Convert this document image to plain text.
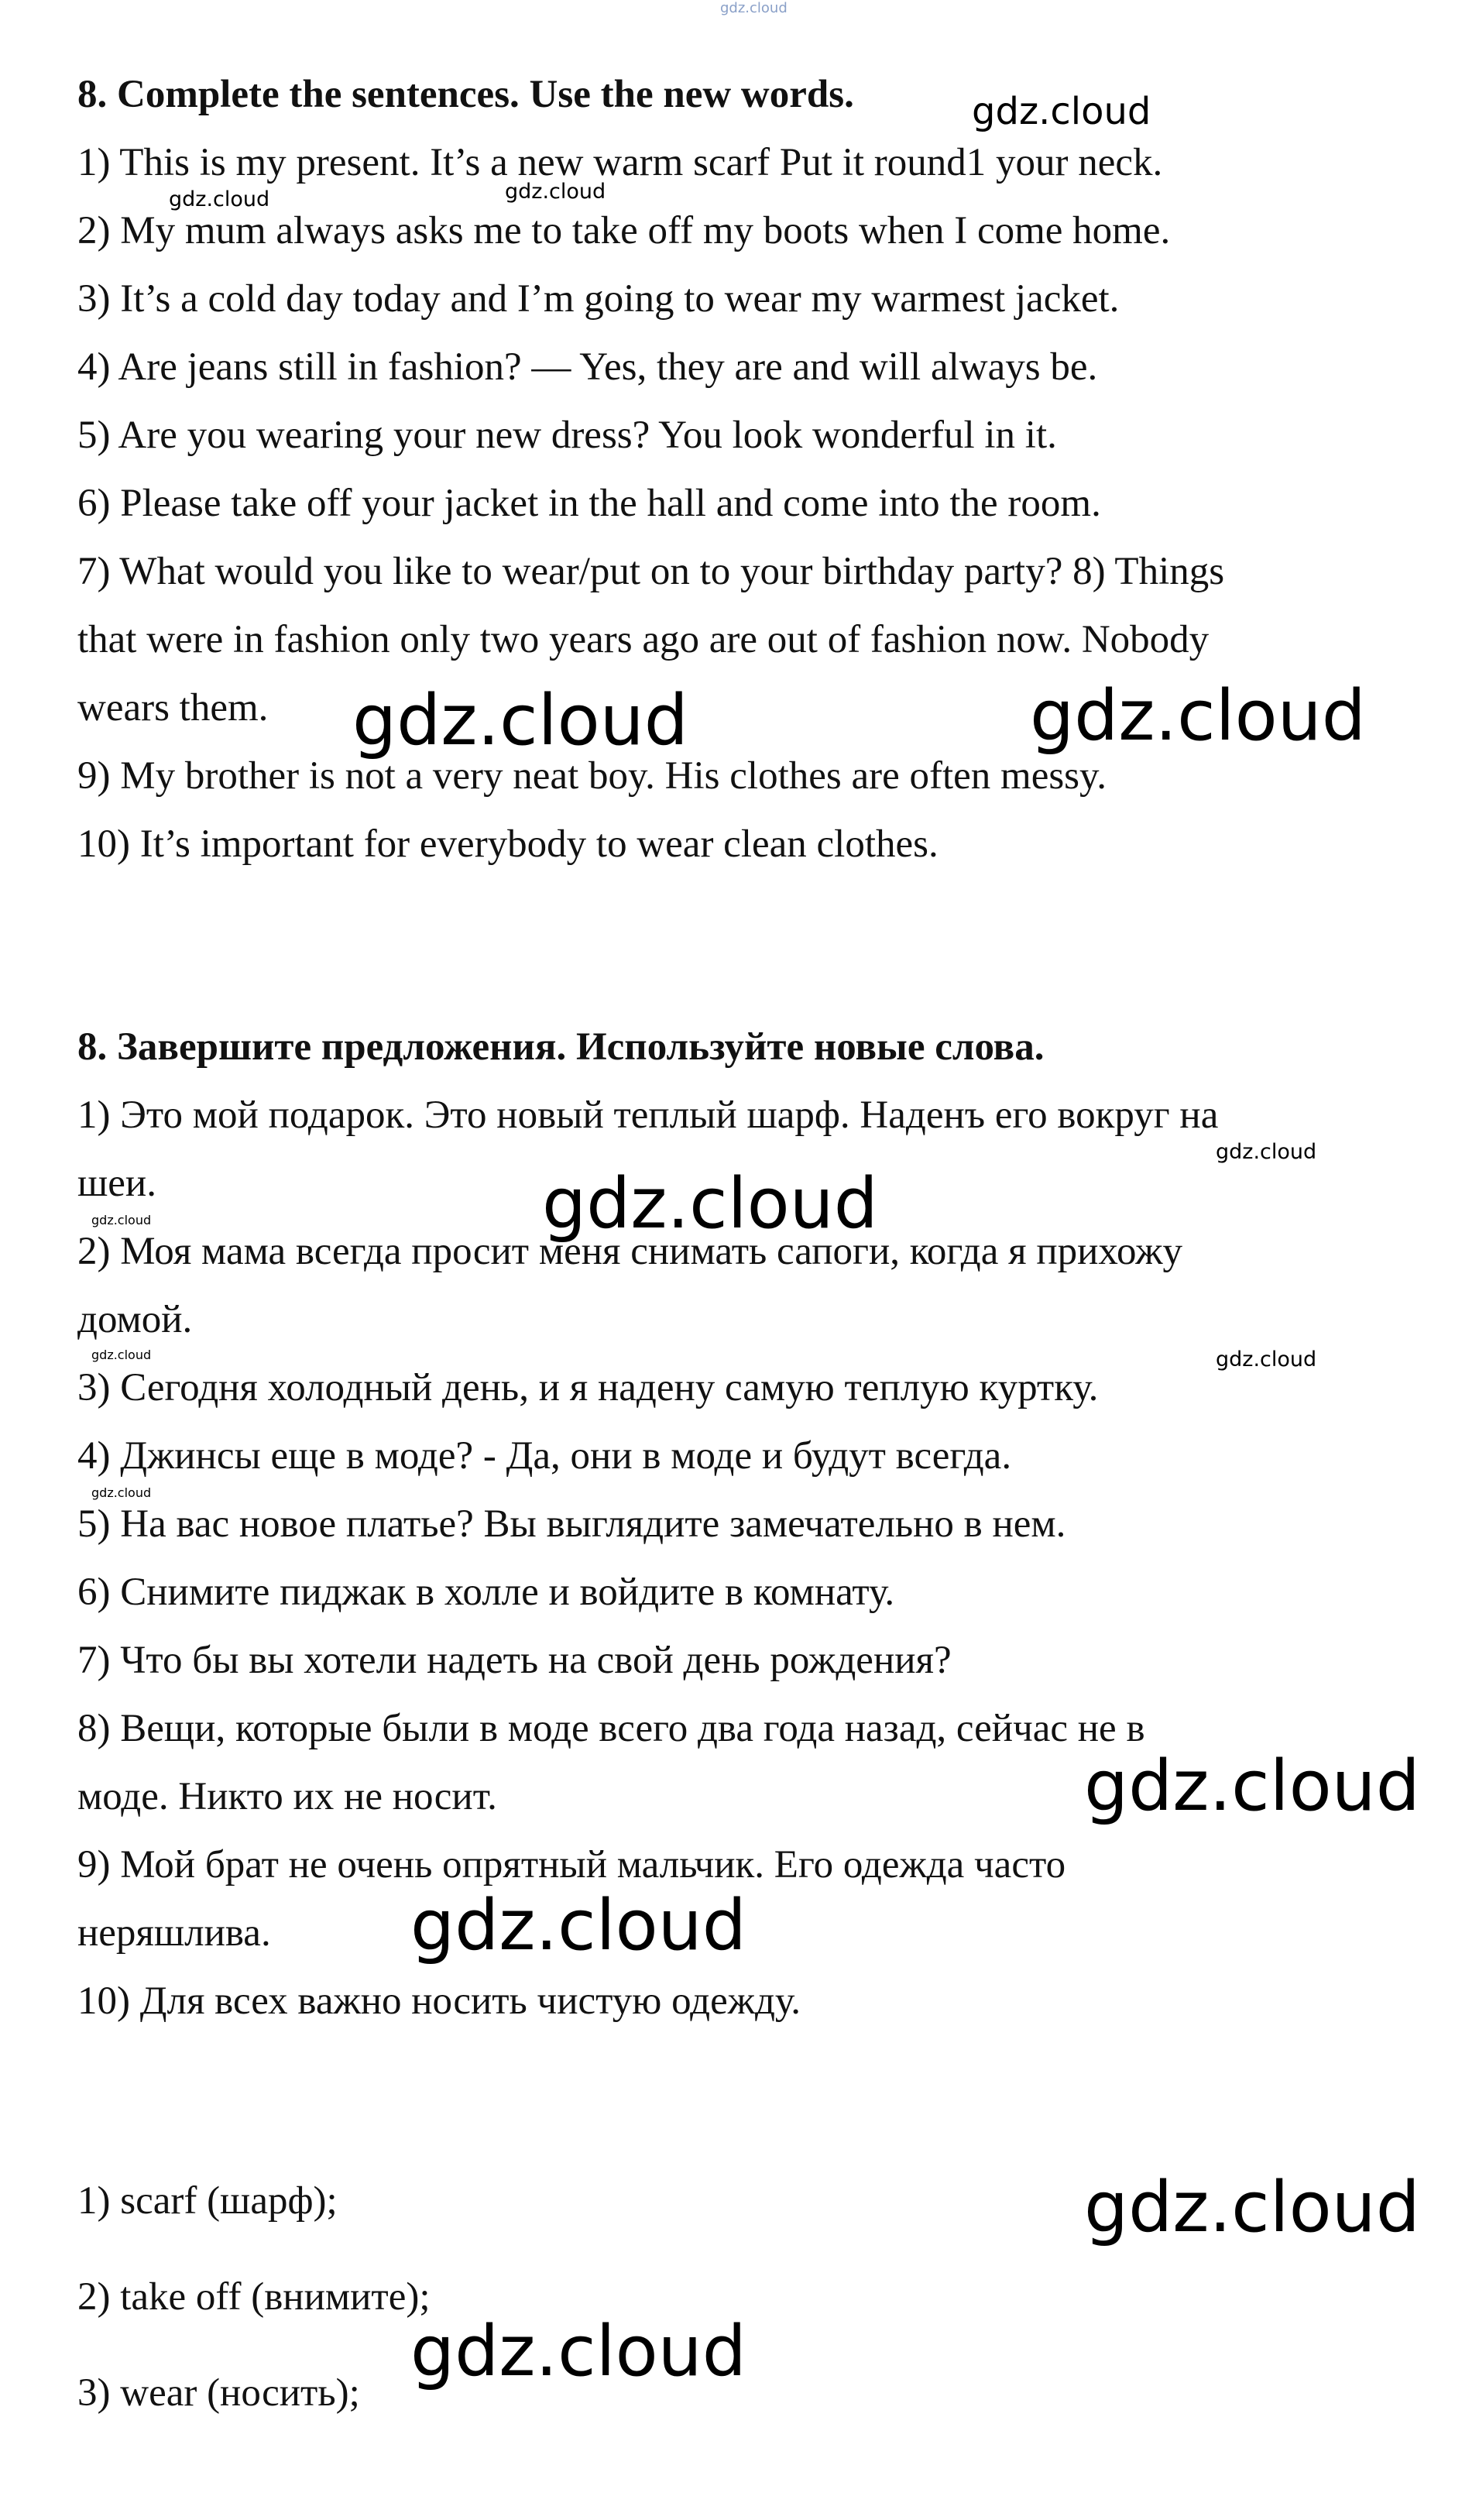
gdz.cloud
8. Complete the sentences. Use the new words.
1) This is my present. It’s a new warm scarf Put it round1 your neck.
2) My mum always asks me to take off my boots when I come home.
3) It’s a cold day today and I’m going to wear my warmest jacket.
4) Are jeans still in fashion? — Yes, they are and will always be.
5) Are you wearing your new dress? You look wonderful in it.
6) Please take off your jacket in the hall and come into the room.
7) What would you like to wear/put on to your birthday party? 8) Things
that were in fashion only two years ago are out of fashion now. Nobody
wears them.
9) My brother is not a very neat boy. His clothes are often messy.
10) It’s important for everybody to wear clean clothes.
8. Завершите предложения. Используйте новые слова.
1) Это мой подарок. Это новый теплый шарф. Наденъ его вокруг на
шеи.
2) Моя мама всегда просит меня снимать сапоги, когда я прихожу
домой.
3) Сегодня холодный день, и я надену самую теплую куртку.
4) Джинсы еще в моде? - Да, они в моде и будут всегда.
5) На вас новое платье? Вы выглядите замечательно в нем.
6) Снимите пиджак в холле и войдите в комнату.
7) Что бы вы хотели надеть на свой день рождения?
8) Вещи, которые были в моде всего два года назад, сейчас не в
моде. Никто их не носит.
9) Мой брат не очень опрятный мальчик. Его одежда часто
неряшлива.
10) Для всех важно носить чистую одежду.
1) scarf (шарф);
2) take off (внимите);
3) wear (носить);
gdz.cloud
gdz.cloud	gdz.cloud
gdz.cloud	gdz.cloud
gdz.cloud
gdz.cloud
gdz.cloud
gdz.cloud	gdz.cloud
gdz.cloud
gdz.cloud
gdz.cloud
gdz.cloud
gdz.cloud
